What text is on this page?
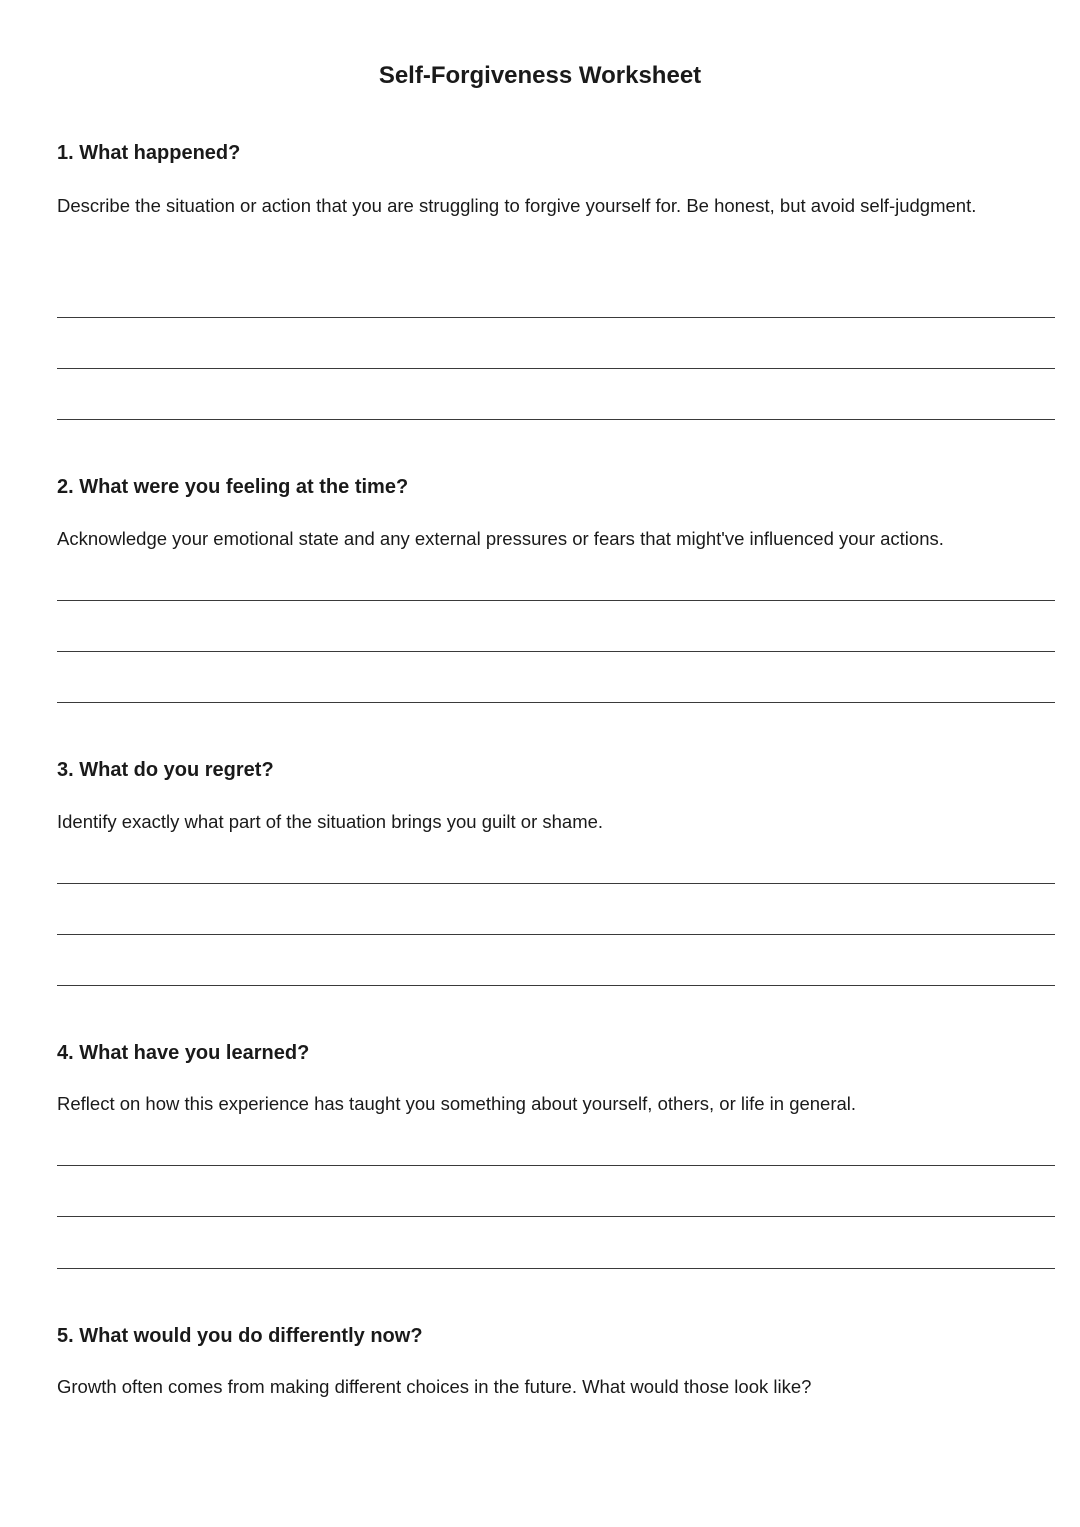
Self-Forgiveness Worksheet
1. What happened?
Describe the situation or action that you are struggling to forgive yourself for. Be honest, but avoid self-judgment.
2. What were you feeling at the time?
Acknowledge your emotional state and any external pressures or fears that might've influenced your actions.
3. What do you regret?
Identify exactly what part of the situation brings you guilt or shame.
4. What have you learned?
Reflect on how this experience has taught you something about yourself, others, or life in general.
5. What would you do differently now?
Growth often comes from making different choices in the future. What would those look like?
